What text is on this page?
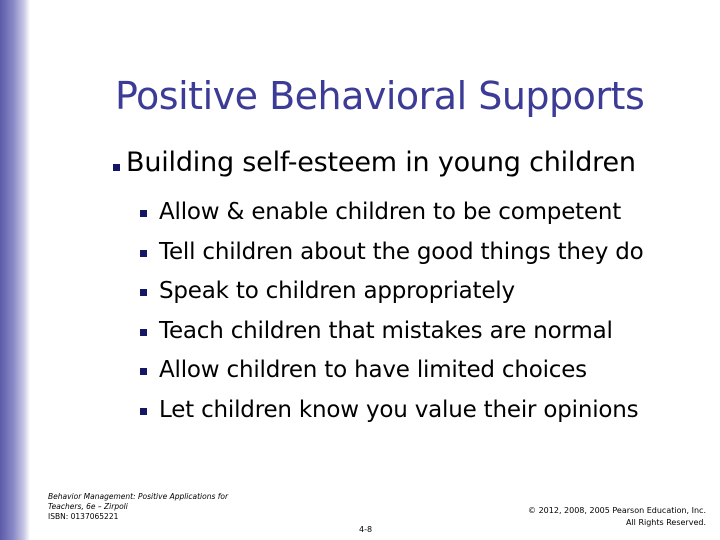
Positive Behavioral Supports
Building self-esteem in young children
Allow & enable children to be competent
Tell children about the good things they do
Speak to children appropriately
Teach children that mistakes are normal
Allow children to have limited choices
Let children know you value their opinions
Behavior Management: Positive Applications for
Teachers, 6e – Zirpoli
ISBN: 0137065221
4-8
© 2012, 2008, 2005 Pearson Education, Inc.
All Rights Reserved.
